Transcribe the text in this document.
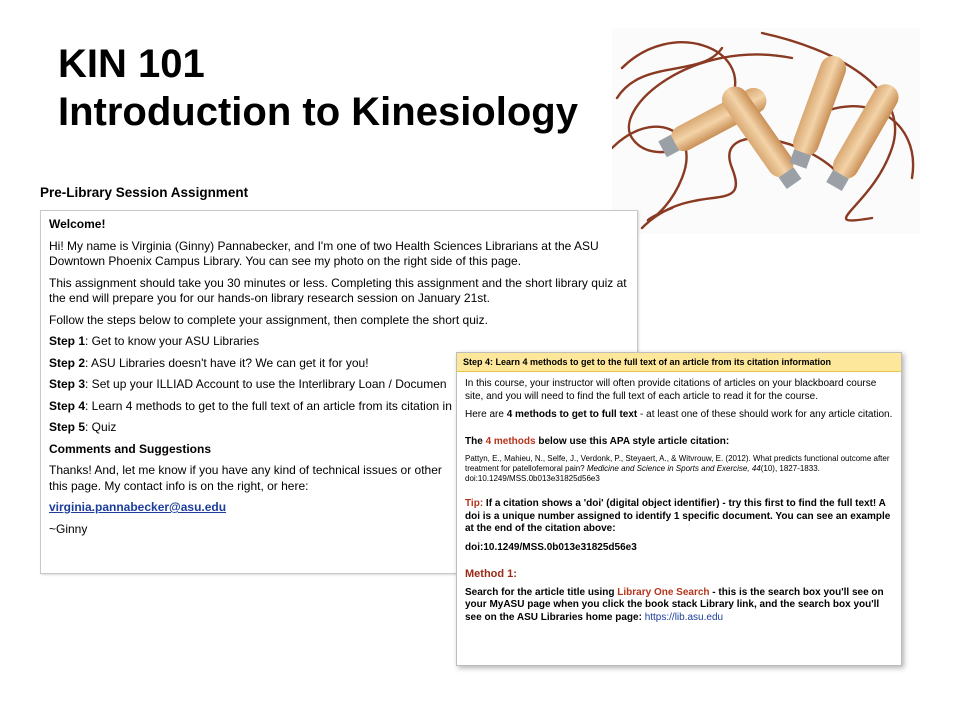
KIN 101
Introduction to Kinesiology
Pre-Library Session Assignment

Welcome!

Hi! My name is Virginia (Ginny) Pannabecker, and I'm one of two Health Sciences Librarians at the ASU Downtown Phoenix Campus Library. You can see my photo on the right side of this page.

This assignment should take you 30 minutes or less. Completing this assignment and the short library quiz at the end will prepare you for our hands-on library research session on January 21st.

Follow the steps below to complete your assignment, then complete the short quiz.

Step 1: Get to know your ASU Libraries

Step 2: ASU Libraries doesn't have it? We can get it for you!

Step 3: Set up your ILLIAD Account to use the Interlibrary Loan / Documen

Step 4: Learn 4 methods to get to the full text of an article from its citation in

Step 5: Quiz

Comments and Suggestions

Thanks! And, let me know if you have any kind of technical issues or other
this page. My contact info is on the right, or here:

virginia.pannabecker@asu.edu

~Ginny

Step 4: Learn 4 methods to get to the full text of an article from its citation information

In this course, your instructor will often provide citations of articles on your blackboard course site, and you will need to find the full text of each article to read it for the course.

Here are 4 methods to get to full text - at least one of these should work for any article citation.

The 4 methods below use this APA style article citation:

Pattyn, E., Mahieu, N., Selfe, J., Verdonk, P., Steyaert, A., & Witvrouw, E. (2012). What predicts functional outcome after treatment for patellofemoral pain? Medicine and Science in Sports and Exercise, 44(10), 1827-1833. doi:10.1249/MSS.0b013e31825d56e3

Tip: If a citation shows a 'doi' (digital object identifier) - try this first to find the full text! A doi is a unique number assigned to identify 1 specific document. You can see an example at the end of the citation above:

doi:10.1249/MSS.0b013e31825d56e3

Method 1:

Search for the article title using Library One Search - this is the search box you'll see on your MyASU page when you click the book stack Library link, and the search box you'll see on the ASU Libraries home page: https://lib.asu.edu
